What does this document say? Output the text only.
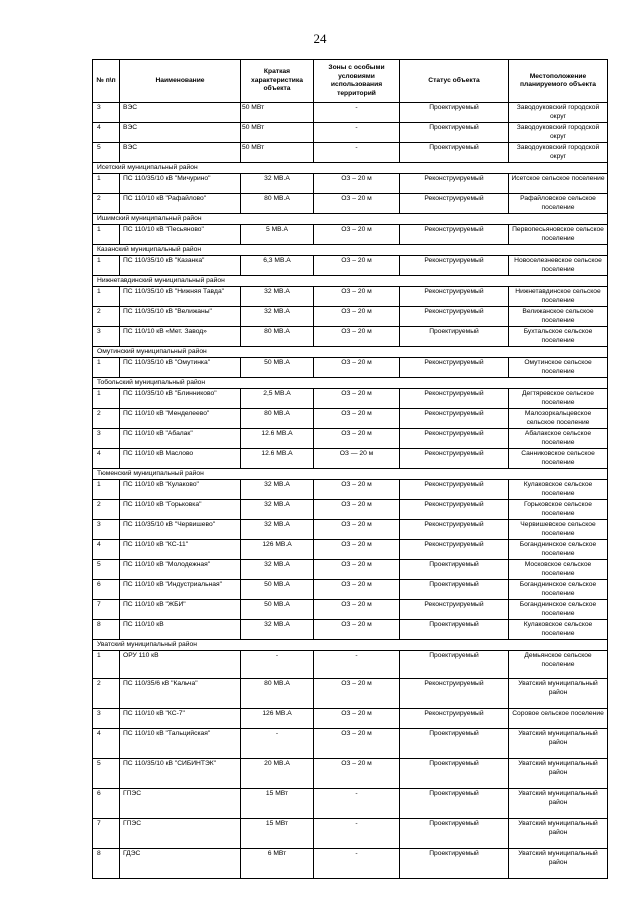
24
№ п\п	Наименование	Краткая характеристика объекта	Зоны с особыми условиями использования территорий	Статус объекта	Местоположение планируемого объекта
3	ВЭС	50 МВт	-	Проектируемый	Заводоуковский городской округ
4	ВЭС	50 МВт	-	Проектируемый	Заводоуковский городской округ
5	ВЭС	50 МВт	-	Проектируемый	Заводоуковский городской округ
Исетский муниципальный район					
1	ПС 110/35/10 кВ "Мичурино"	32 МВ.А	ОЗ – 20 м	Реконструируемый	Исетское сельское поселение
2	ПС 110/10 кВ "Рафайлово"	80 МВ.А	ОЗ – 20 м	Реконструируемый	Рафайловское сельское поселение
Ишимский муниципальный район					
1	ПС 110/10 кВ "Песьяново"	5 МВ.А	ОЗ – 20 м	Реконструируемый	Первопесьяновское сельское поселение
Казанский муниципальный район					
1	ПС 110/35/10 кВ "Казанка"	6,3 МВ.А	ОЗ – 20 м	Реконструируемый	Новоселезневское сельское поселение
Нижнетавдинский муниципальный район					
1	ПС 110/35/10 кВ "Нижняя Тавда"	32 МВ.А	ОЗ – 20 м	Реконструируемый	Нижнетавдинское сельское поселение
2	ПС 110/35/10 кВ "Велижаны"	32 МВ.А	ОЗ – 20 м	Реконструируемый	Велижанское сельское поселение
3	ПС 110/10 кВ «Мет. Завод»	80 МВ.А	ОЗ – 20 м	Проектируемый	Бухтальское сельское поселение
Омутинский муниципальный район					
1	ПС 110/35/10 кВ "Омутинка"	50 МВ.А	ОЗ – 20 м	Реконструируемый	Омутинское сельское поселение
Тобольский муниципальный район					
1	ПС 110/35/10 кВ "Блинниково"	2,5 МВ.А	ОЗ – 20 м	Реконструируемый	Дегтяревское сельское поселение
2	ПС 110/10 кВ "Менделеево"	80 МВ.А	ОЗ – 20 м	Реконструируемый	Малозоркальцевское сельское поселение
3	ПС 110/10 кВ "Абалак"	12.6 МВ.А	ОЗ – 20 м	Реконструируемый	Абалакское сельское поселение
4	ПС 110/10 кВ Маслово	12.6 МВ.А	ОЗ — 20 м	Реконструируемый	Санниковское сельское поселение
Тюменский муниципальный район					
1	ПС 110/10 кВ "Кулаково"	32 МВ.А	ОЗ – 20 м	Реконструируемый	Кулаковское сельское поселение
2	ПС 110/10 кВ "Горьковка"	32 МВ.А	ОЗ – 20 м	Реконструируемый	Горьковское сельское поселение
3	ПС 110/35/10 кВ "Червишево"	32 МВ.А	ОЗ – 20 м	Реконструируемый	Червишевское сельское поселение
4	ПС 110/10 кВ "КС-11"	126 МВ.А	ОЗ – 20 м	Реконструируемый	Боганднинское сельское поселение
5	ПС 110/10 кВ "Молодежная"	32 МВ.А	ОЗ – 20 м	Проектируемый	Московское сельское поселение
6	ПС 110/10 кВ "Индустриальная"	50 МВ.А	ОЗ – 20 м	Проектируемый	Боганднинское сельское поселение
7	ПС 110/10 кВ "ЖБИ"	50 МВ.А	ОЗ – 20 м	Реконструируемый	Боганднинское сельское поселение
8	ПС 110/10 кВ	32 МВ.А	ОЗ – 20 м	Проектируемый	Кулаковское сельское поселение
Уватский муниципальный район					
1	ОРУ 110 кВ	-	-	Проектируемый	Демьянское сельское поселение
2	ПС 110/35/6 кВ "Кальча"	80 МВ.А	ОЗ – 20 м	Реконструируемый	Уватский муниципальный район
3	ПС 110/10 кВ "КС-7"	126 МВ.А	ОЗ – 20 м	Реконструируемый	Соровое сельское поселение
4	ПС 110/10 кВ "Тальцийская"	-	ОЗ – 20 м	Проектируемый	Уватский муниципальный район
5	ПС 110/35/10 кВ "СИБИНТЭК"	20 МВ.А	ОЗ – 20 м	Проектируемый	Уватский муниципальный район
6	ГПЭС	15 МВт	-	Проектируемый	Уватский муниципальный район
7	ГПЭС	15 МВт	-	Проектируемый	Уватский муниципальный район
8	ГДЭС	6 МВт	-	Проектируемый	Уватский муниципальный район
